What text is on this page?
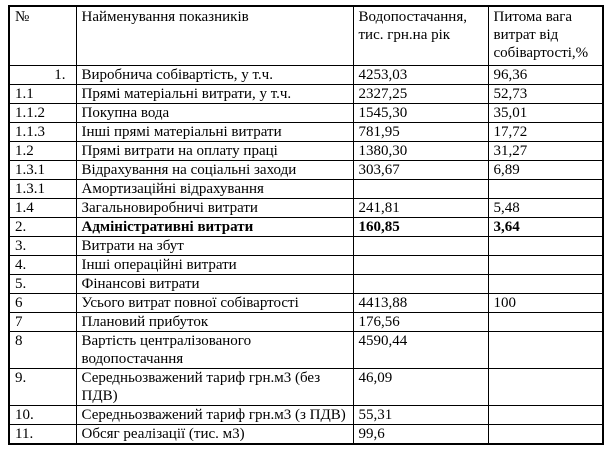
№	Найменування показників	Водопостачання, тис. грн.на рік	Питома вага витрат від собівартості,%
1.	Виробнича собівартість, у т.ч.	4253,03	96,36
1.1	Прямі матеріальні витрати, у т.ч.	2327,25	52,73
1.1.2	Покупна вода	1545,30	35,01
1.1.3	Інші прямі матеріальні витрати	781,95	17,72
1.2	Прямі витрати на оплату праці	1380,30	31,27
1.3.1	Відрахування на соціальні заходи	303,67	6,89
1.3.1	Амортизаційні відрахування		
1.4	Загальновиробничі витрати	241,81	5,48
2.	Адміністративні витрати	160,85	3,64
3.	Витрати на збут		
4.	Інші операційні витрати		
5.	Фінансові витрати		
6	Усього витрат повної собівартості	4413,88	100
7	Плановий прибуток	176,56	
8	Вартість централізованого водопостачання	4590,44	
9.	Середньозважений тариф грн.м3 (без ПДВ)	46,09	
10.	Середньозважений тариф грн.м3 (з ПДВ)	55,31	
11.	Обсяг реалізації (тис. м3)	99,6	
